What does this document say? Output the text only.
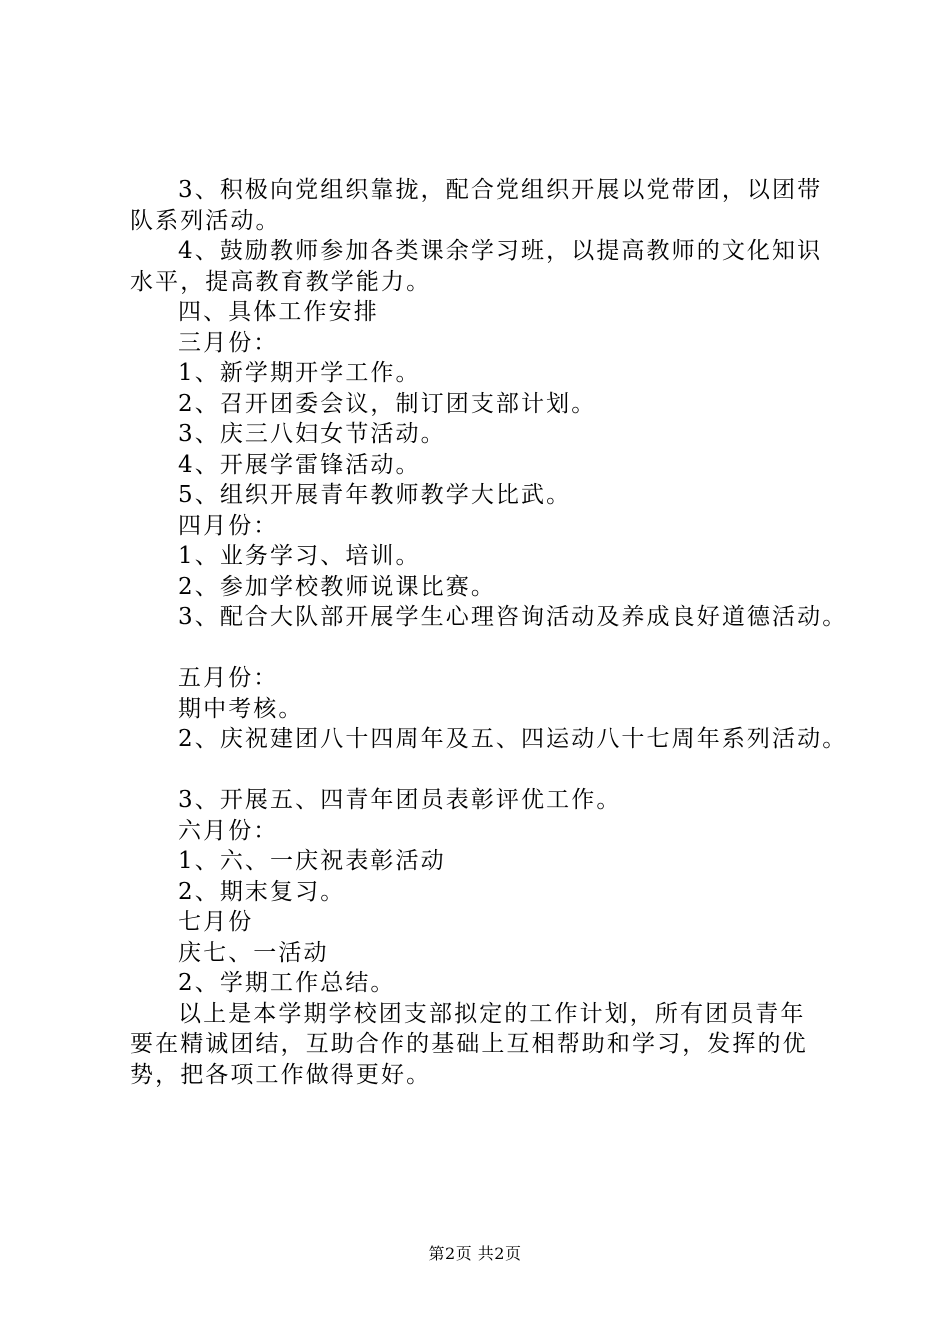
3、积极向党组织靠拢，配合党组织开展以党带团，以团带

队系列活动。

4、鼓励教师参加各类课余学习班，以提高教师的文化知识

水平，提高教育教学能力。

四、具体工作安排

三月份：

1、新学期开学工作。

2、召开团委会议，制订团支部计划。

3、庆三八妇女节活动。

4、开展学雷锋活动。

5、组织开展青年教师教学大比武。

四月份：

1、业务学习、培训。

2、参加学校教师说课比赛。

3、配合大队部开展学生心理咨询活动及养成良好道德活动。

五月份：

期中考核。

2、庆祝建团八十四周年及五、四运动八十七周年系列活动。

3、开展五、四青年团员表彰评优工作。

六月份：

1、六、一庆祝表彰活动

2、期末复习。

七月份

庆七、一活动

2、学期工作总结。

以上是本学期学校团支部拟定的工作计划，所有团员青年

要在精诚团结，互助合作的基础上互相帮助和学习，发挥的优

势，把各项工作做得更好。

第2页 共2页
